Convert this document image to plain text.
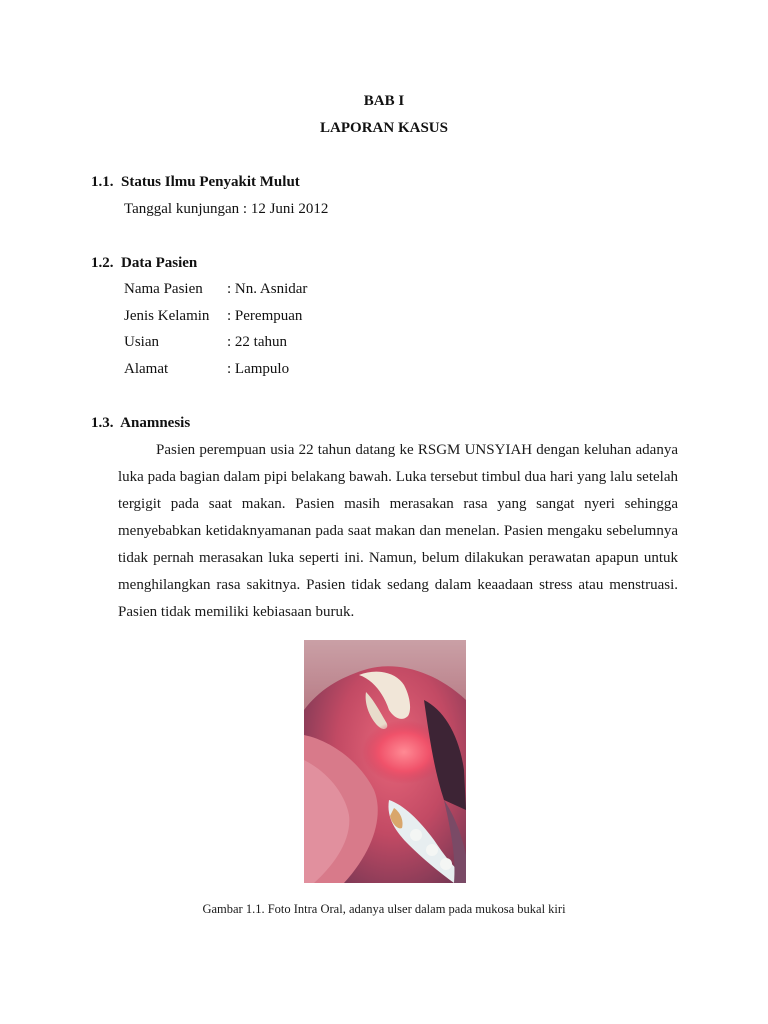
BAB I
LAPORAN KASUS
1.1.  Status Ilmu Penyakit Mulut
Tanggal kunjungan : 12 Juni 2012
1.2.  Data Pasien
Nama Pasien : Nn. Asnidar
Jenis Kelamin : Perempuan
Usian	: 22 tahun
Alamat	: Lampulo
1.3.  Anamnesis
Pasien perempuan usia 22 tahun datang ke RSGM UNSYIAH dengan keluhan adanya luka pada bagian dalam pipi belakang bawah. Luka tersebut timbul dua hari yang lalu setelah tergigit pada saat makan. Pasien masih merasakan rasa yang sangat nyeri sehingga menyebabkan ketidaknyamanan pada saat makan dan menelan. Pasien mengaku sebelumnya tidak pernah merasakan luka seperti ini. Namun, belum dilakukan perawatan apapun untuk menghilangkan rasa sakitnya. Pasien tidak sedang dalam keaadaan stress atau menstruasi. Pasien tidak memiliki kebiasaan buruk.
Gambar 1.1. Foto Intra Oral, adanya ulser dalam pada mukosa bukal kiri
